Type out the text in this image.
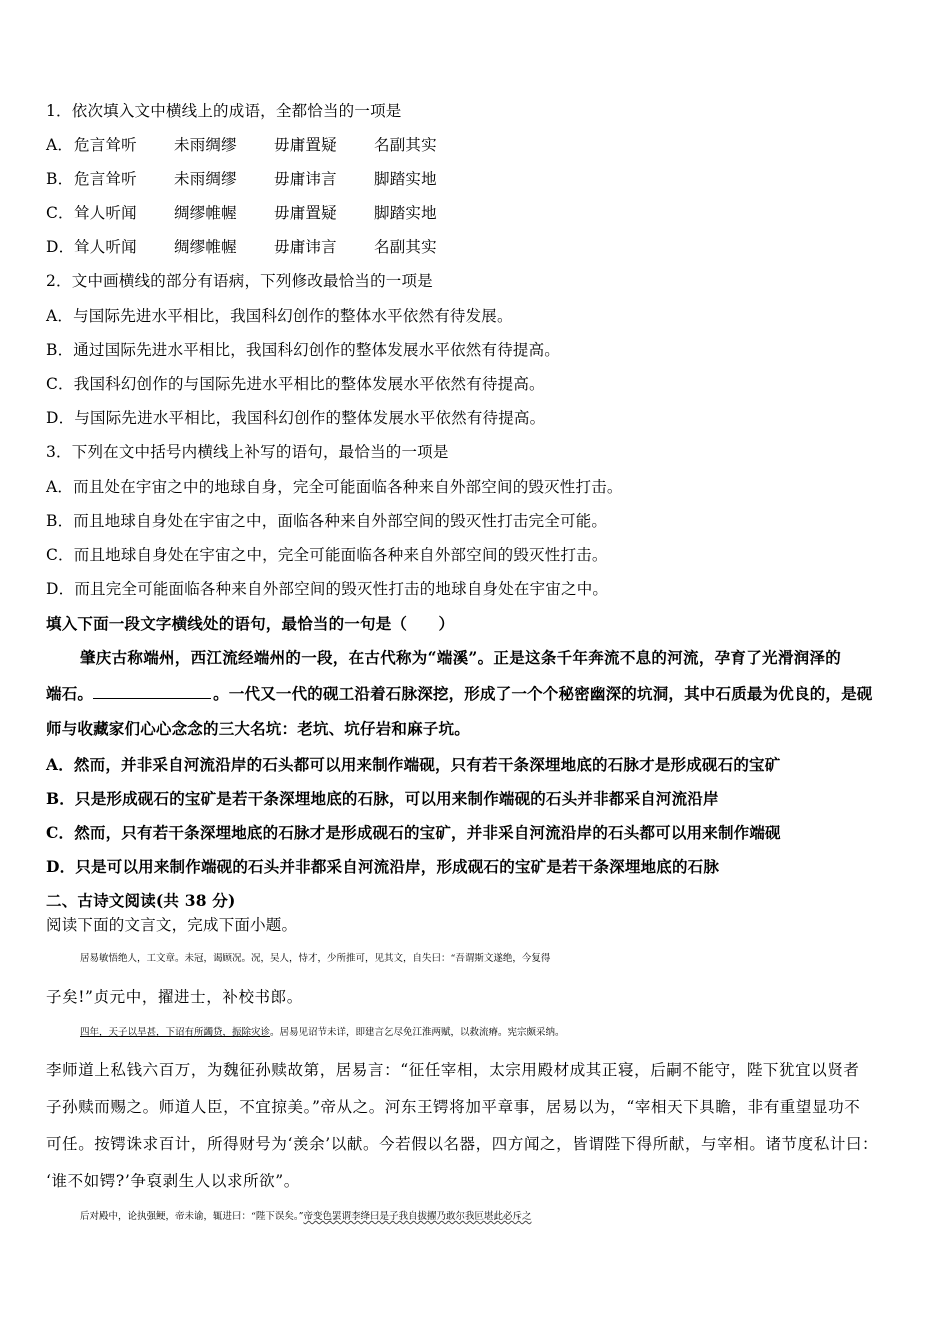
1．依次填入文中横线上的成语，全都恰当的一项是
A．危言耸听 未雨绸缪 毋庸置疑 名副其实
B．危言耸听 未雨绸缪 毋庸讳言 脚踏实地
C．耸人听闻 绸缪帷幄 毋庸置疑 脚踏实地
D．耸人听闻 绸缪帷幄 毋庸讳言 名副其实
2．文中画横线的部分有语病，下列修改最恰当的一项是
A．与国际先进水平相比，我国科幻创作的整体水平依然有待发展。
B．通过国际先进水平相比，我国科幻创作的整体发展水平依然有待提高。
C．我国科幻创作的与国际先进水平相比的整体发展水平依然有待提高。
D．与国际先进水平相比，我国科幻创作的整体发展水平依然有待提高。
3．下列在文中括号内横线上补写的语句，最恰当的一项是
A．而且处在宇宙之中的地球自身，完全可能面临各种来自外部空间的毁灭性打击。
B．而且地球自身处在宇宙之中，面临各种来自外部空间的毁灭性打击完全可能。
C．而且地球自身处在宇宙之中，完全可能面临各种来自外部空间的毁灭性打击。
D．而且完全可能面临各种来自外部空间的毁灭性打击的地球自身处在宇宙之中。
填入下面一段文字横线处的语句，最恰当的一句是（　　）
肇庆古称端州，西江流经端州的一段，在古代称为“端溪”。正是这条千年奔流不息的河流，孕育了光滑润泽的
端石。	。一代又一代的砚工沿着石脉深挖，形成了一个个秘密幽深的坑洞，其中石质最为优良的，是砚
师与收藏家们心心念念的三大名坑：老坑、坑仔岩和麻子坑。
A．然而，并非采自河流沿岸的石头都可以用来制作端砚，只有若干条深埋地底的石脉才是形成砚石的宝矿
B．只是形成砚石的宝矿是若干条深埋地底的石脉，可以用来制作端砚的石头并非都采自河流沿岸
C．然而，只有若干条深埋地底的石脉才是形成砚石的宝矿，并非采自河流沿岸的石头都可以用来制作端砚
D．只是可以用来制作端砚的石头并非都采自河流沿岸，形成砚石的宝矿是若干条深埋地底的石脉
二、古诗文阅读(共 38 分)
阅读下面的文言文，完成下面小题。
居易敏悟绝人，工文章。未冠，谒顾况。况，吴人，恃才，少所推可，见其文，自失曰：“吾谓斯文遂绝，今复得
子矣!”贞元中，擢进士，补校书郎。
四年，天子以旱甚，下诏有所蠲贷，振除灾诊。居易见诏节未详，即建言乞尽免江淮两赋，以救流瘠。宪宗颇采纳。
李师道上私钱六百万，为魏征孙赎故第，居易言：“征任宰相，太宗用殿材成其正寝，后嗣不能守，陛下犹宜以贤者
子孙赎而赐之。师道人臣，不宜掠美。”帝从之。河东王锷将加平章事，居易以为，“宰相天下具瞻，非有重望显功不
可任。按锷诛求百计，所得财号为‘羡余’以献。今若假以名器，四方闻之，皆谓陛下得所献，与宰相。诸节度私计曰：
‘谁不如锷?’争裒剥生人以求所欲”。
后对殿中，论执强鲠，帝未谕，辄进曰：“陛下误矣。”帝变色罢谓李绛曰是子我自拔擢乃敢尔我叵堪此必斥之
